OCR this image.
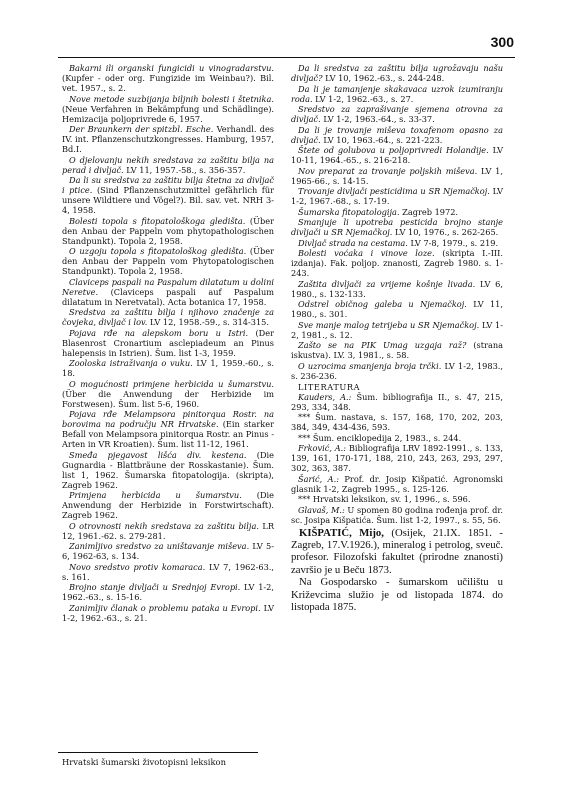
300
Bakarni ili organski fungicidi u vinogradarstvu. (Kupfer - oder org. Fungizide im Weinbau?). Bil. vet. 1957., s. 2.
Nove metode suzbijanja biljnih bolesti i štetnika. (Neue Verfahren in Bekämpfung und Schädlinge). Hemizacija poljoprivrede 6, 1957.
Der Braunkern der spitzbl. Esche. Verhandl. des IV. int. Pflanzenschutzkongresses. Hamburg, 1957, Bd.I.
O djelovanju nekih sredstava za zaštitu bilja na perad i divljač. LV 11, 1957.-58., s. 356-357.
Da li su sredstva za zaštitu bilja štetna za divljač i ptice. (Sind Pflanzenschutzmittel gefährlich für unsere Wildtiere und Vögel?). Bil. sav. vet. NRH 3-4, 1958.
Bolesti topola s fitopatološkoga gledišta. (Über den Anbau der Pappeln vom phytopathologischen Standpunkt). Topola 2, 1958.
O uzgoju topola s fitopatološkog gledišta. (Über den Anbau der Pappeln vom Phytopatologischen Standpunkt). Topola 2, 1958.
Claviceps paspali na Paspalum dilatatum u dolini Neretve. (Claviceps paspali auf Paspalum dilatatum in Neretvatal). Acta botanica 17, 1958.
Sredstva za zaštitu bilja i njihovo značenje za čovjeka, divljač i lov. LV 12, 1958.-59., s. 314-315.
Pojava rđe na alepskom boru u Istri. (Der Blasenrost Cronartium asclepiadeum an Pinus halepensis in Istrien). Šum. list 1-3, 1959.
Zooloska istraživanja o vuku. LV 1, 1959.-60., s. 18.
O mogućnosti primjene herbicida u šumarstvu. (Über die Anwendung der Herbizide im Forstwesen). Šum. list 5-6, 1960.
Pojava rđe Melampsora pinitorqua Rostr. na borovima na području NR Hrvatske. (Ein starker Befall von Melampsora pinitorqua Rostr. an Pinus -Arten in VR Kroatien). Šum. list 11-12, 1961.
Smeđa pjegavost lišća div. kestena. (Die Gugnardia - Blattbräune der Rosskastanie). Šum. list 1, 1962. Šumarska fitopatologija. (skripta), Zagreb 1962.
Primjena herbicida u šumarstvu. (Die Anwendung der Herbizide in Forstwirtschaft). Zagreb 1962.
O otrovnosti nekih sredstava za zaštitu bilja. LR 12, 1961.-62. s. 279-281.
Zanimljivo sredstvo za uništavanje miševa. LV 5-6, 1962-63, s. 134.
Novo sredstvo protiv komaraca. LV 7, 1962-63., s. 161.
Brojno stanje divljači u Srednjoj Evropi. LV 1-2, 1962.-63., s. 15-16.
Zanimljiv članak o problemu pataka u Evropi. LV 1-2, 1962.-63., s. 21.
Da li sredstva za zaštitu bilja ugrožavaju našu divljač? LV 10, 1962.-63., s. 244-248.
Da li je tamanjenje skakavaca uzrok izumiranju roda. LV 1-2, 1962.-63., s. 27.
Sredstvo za zaprašivanje sjemena otrovna za divljač. LV 1-2, 1963.-64., s. 33-37.
Da li je trovanje miševa toxafenom opasno za divljač. LV 10, 1963.-64., s. 221-223.
Štete od golubova u poljoprivredi Holandije. LV 10-11, 1964.-65., s. 216-218.
Nov preparat za trovanje poljskih miševa. LV 1, 1965-66., s. 14-15.
Trovanje divljači pesticidima u SR Njemačkoj. LV 1-2, 1967.-68., s. 17-19.
Šumarska fitopatologija. Zagreb 1972.
Smanjuje li upotreba pesticida brojno stanje divljači u SR Njemačkoj. LV 10, 1976., s. 262-265.
Divljač strada na cestama. LV 7-8, 1979., s. 219.
Bolesti voćaka i vinove loze. (skripta I.-III. izdanja). Fak. poljop. znanosti, Zagreb 1980. s. 1-243.
Zaštita divljači za vrijeme košnje livada. LV 6, 1980., s. 132-133.
Odstrel običnog galeba u Njemačkoj. LV 11, 1980., s. 301.
Sve manje malog tetrijeba u SR Njemačkoj. LV 1-2, 1981., s. 12.
Zašto se na PIK Umag uzgaja raž? (strana iskustva). LV. 3, 1981., s. 58.
O uzrocima smanjenja broja trčki. LV 1-2, 1983., s. 236-236.
LITERATURA
Kauders, A.: Šum. bibliografija II., s. 47, 215, 293, 334, 348.
*** Šum. nastava, s. 157, 168, 170, 202, 203, 384, 349, 434-436, 593.
*** Šum. enciklopedija 2, 1983., s. 244.
Frković, A.: Bibliografija LRV 1892-1991., s. 133, 139, 161, 170-171, 188, 210, 243, 263, 293, 297, 302, 363, 387.
Šarić, A.: Prof. dr. Josip Kišpatić. Agronomski glasnik 1-2, Zagreb 1995., s. 125-126.
*** Hrvatski leksikon, sv. 1, 1996., s. 596.
Glavaš, M.: U spomen 80 godina rođenja prof. dr. sc. Josipa Kišpatića. Šum. list 1-2, 1997., s. 55, 56.
KIŠPATIĆ, Mijo, (Osijek, 21.IX. 1851. - Zagreb, 17.V.1926.), mineralog i petrolog, sveuč. profesor. Filozofski fakultet (prirodne znanosti) završio je u Beču 1873.
Na Gospodarsko - šumarskom učilištu u Križevcima služio je od listopada 1874. do listopada 1875.
Hrvatski šumarski životopisni leksikon
